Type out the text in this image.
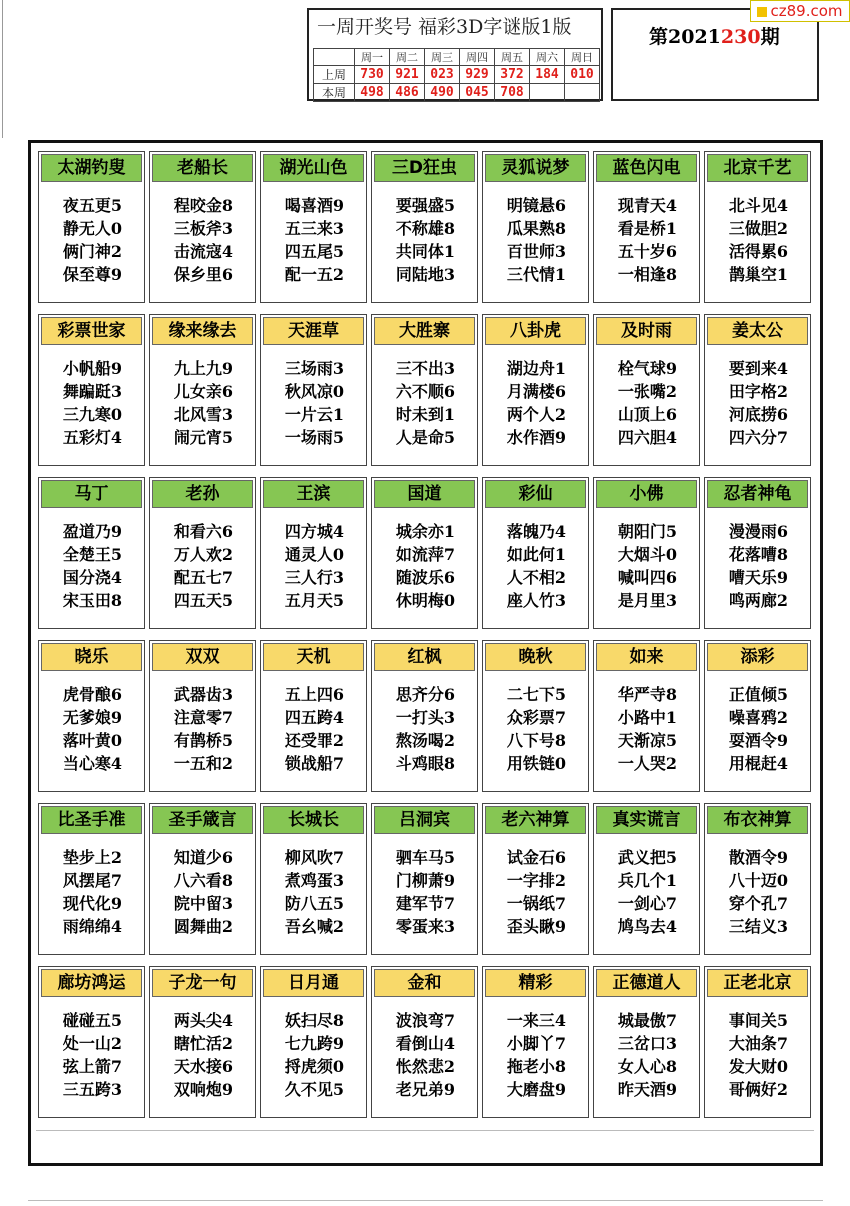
一周开奖号 福彩3D字谜版1版
	周一	周二	周三	周四	周五	周六	周日
上周	730	921	023	929	372	184	010
本周	498	486	490	045	708		
第2021230期
cz89.com
太湖钓叟
夜五更5
静无人0
俩门神2
保至尊9
老船长
程咬金8
三板斧3
击流寇4
保乡里6
湖光山色
喝喜酒9
五三来3
四五尾5
配一五2
三D狂虫
要强盛5
不称雄8
共同体1
同陆地3
灵狐说梦
明镜悬6
瓜果熟8
百世师3
三代情1
蓝色闪电
现青天4
看是桥1
五十岁6
一相逢8
北京千艺
北斗见4
三做胆2
活得累6
鹊巢空1
彩票世家
小帆船9
舞蹁跹3
三九寒0
五彩灯4
缘来缘去
九上九9
儿女亲6
北风雪3
闹元宵5
天涯草
三场雨3
秋风凉0
一片云1
一场雨5
大胜寨
三不出3
六不顺6
时未到1
人是命5
八卦虎
湖边舟1
月满楼6
两个人2
水作酒9
及时雨
栓气球9
一张嘴2
山顶上6
四六胆4
姜太公
要到来4
田字格2
河底捞6
四六分7
马丁
盈道乃9
全楚王5
国分浇4
宋玉田8
老孙
和看六6
万人欢2
配五七7
四五天5
王滨
四方城4
通灵人0
三人行3
五月天5
国道
城余亦1
如流萍7
随波乐6
休明梅0
彩仙
落魄乃4
如此何1
人不相2
座人竹3
小佛
朝阳门5
大烟斗0
喊叫四6
是月里3
忍者神龟
漫漫雨6
花落嘈8
嘈天乐9
鸣两廊2
晓乐
虎骨酿6
无爹娘9
落叶黄0
当心寒4
双双
武器齿3
注意零7
有鹊桥5
一五和2
天机
五上四6
四五跨4
还受罪2
锁战船7
红枫
思齐分6
一打头3
熬汤喝2
斗鸡眼8
晚秋
二七下5
众彩票7
八下号8
用铁链0
如来
华严寺8
小路中1
天渐凉5
一人哭2
添彩
正值倾5
噪喜鸦2
耍酒令9
用棍赶4
比圣手准
垫步上2
风摆尾7
现代化9
雨绵绵4
圣手箴言
知道少6
八六看8
院中留3
圆舞曲2
长城长
柳风吹7
煮鸡蛋3
防八五5
吾幺喊2
吕洞宾
驷车马5
门柳萧9
建军节7
零蛋来3
老六神算
试金石6
一字排2
一锅纸7
歪头瞅9
真实谎言
武义把5
兵几个1
一剑心7
鸠鸟去4
布衣神算
散酒令9
八十迈0
穿个孔7
三结义3
廊坊鸿运
碰碰五5
处一山2
弦上箭7
三五跨3
子龙一句
两头尖4
瞎忙活2
天水接6
双响炮9
日月通
妖扫尽8
七九跨9
捋虎须0
久不见5
金和
波浪弯7
看倒山4
怅然悲2
老兄弟9
精彩
一来三4
小脚丫7
拖老小8
大磨盘9
正德道人
城最傲7
三岔口3
女人心8
昨天酒9
正老北京
事间关5
大油条7
发大财0
哥俩好2
